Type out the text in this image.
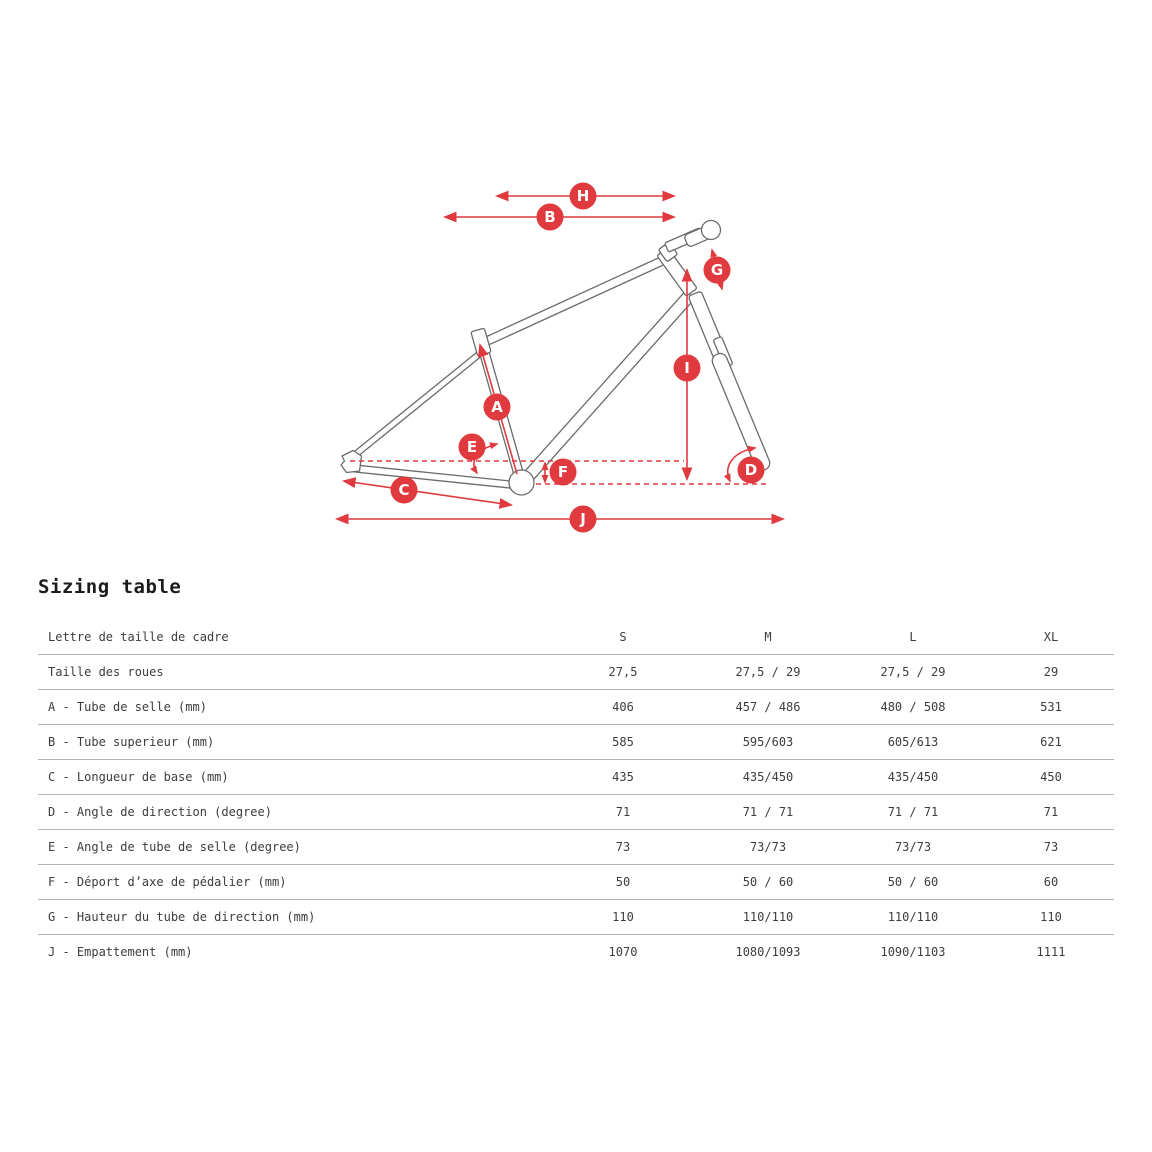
H
B
G
A
E
F
I
C
D
J
Sizing table
Lettre de taille de cadre	S	M	L	XL
Taille des roues	27,5	27,5 / 29	27,5 / 29	29
A - Tube de selle (mm)	406	457 / 486	480 / 508	531
B - Tube superieur (mm)	585	595/603	605/613	621
C - Longueur de base (mm)	435	435/450	435/450	450
D - Angle de direction (degree)	71	71 / 71	71 / 71	71
E - Angle de tube de selle (degree)	73	73/73	73/73	73
F - Déport d’axe de pédalier (mm)	50	50 / 60	50 / 60	60
G - Hauteur du tube de direction (mm)	110	110/110	110/110	110
J - Empattement (mm)	1070	1080/1093	1090/1103	1111
